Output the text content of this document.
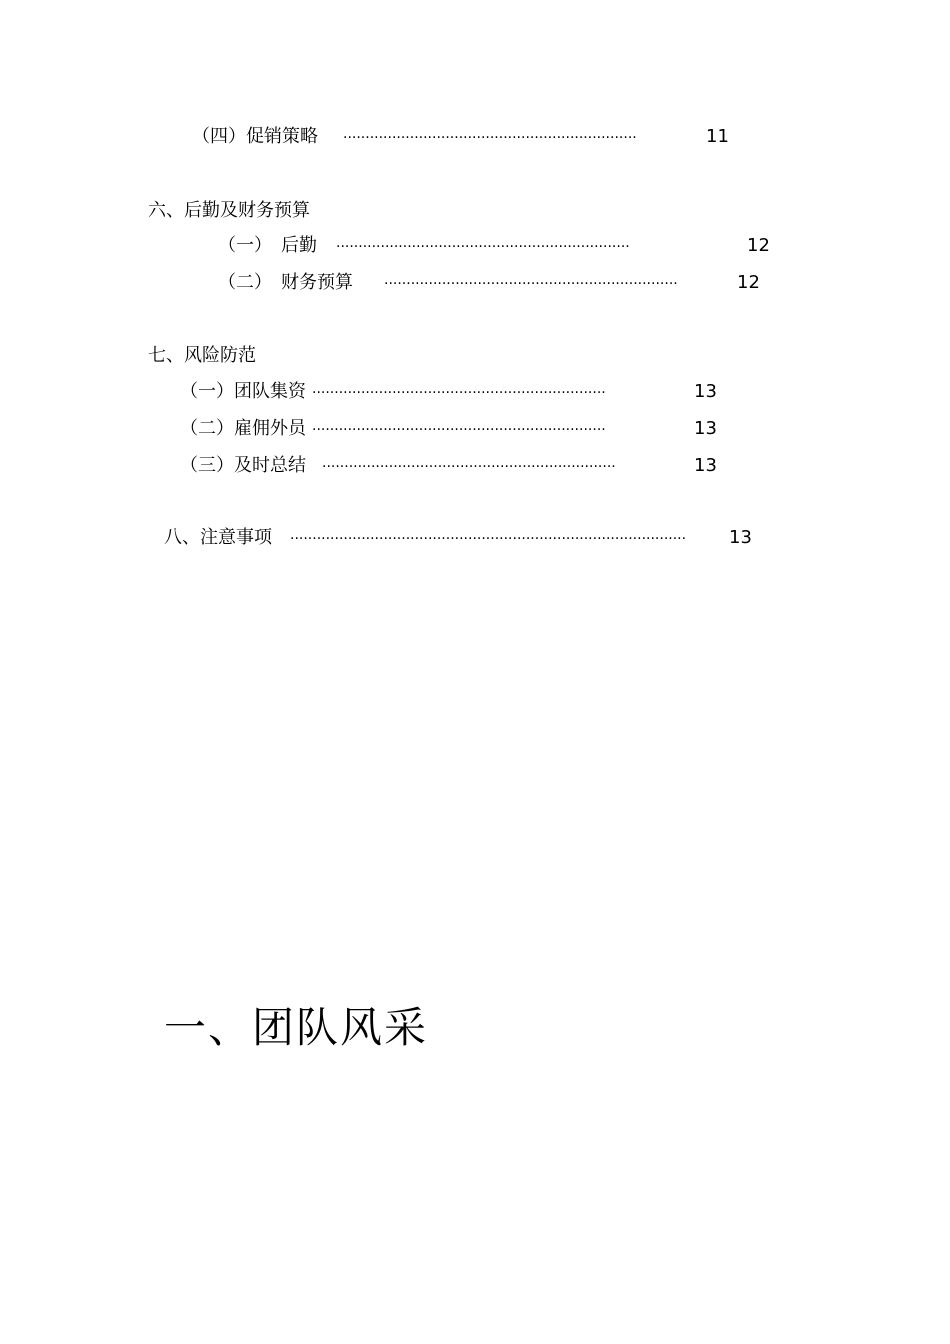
（四）促销策略 ··································································	11
六、后勤及财务预算
（一）　后勤 ··································································	12
（二）　财务预算 ··································································	12
七、风险防范
（一）团队集资 ··································································	13
（二）雇佣外员 ··································································	13
（三）及时总结 ··································································	13
八、注意事项 ·························································································	13
一、团队风采
